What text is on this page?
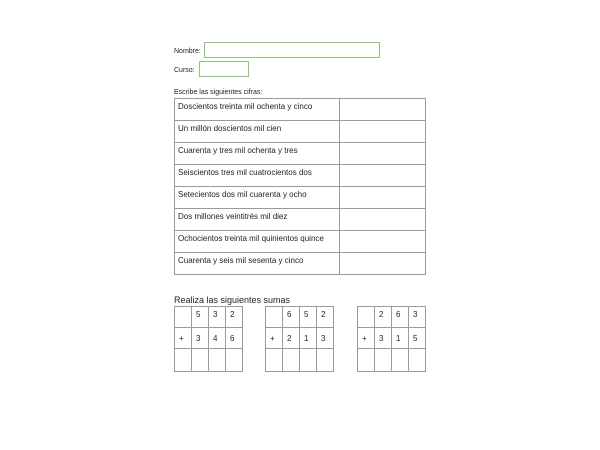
Nombre:
Curso:
Escribe las siguientes cifras:
Doscientos treinta mil ochenta y cinco	
Un millón doscientos mil cien	
Cuarenta y tres mil ochenta y tres	
Seiscientos tres mil cuatrocientos dos	
Setecientos dos mil cuarenta y ocho	
Dos millones veintitrés mil diez	
Ochocientos treinta mil quinientos quince	
Cuarenta y seis mil sesenta y cinco	
Realiza las siguientes sumas
	5	3	2
+	3	4	6

	6	5	2
+	2	1	3

	2	6	3
+	3	1	5
